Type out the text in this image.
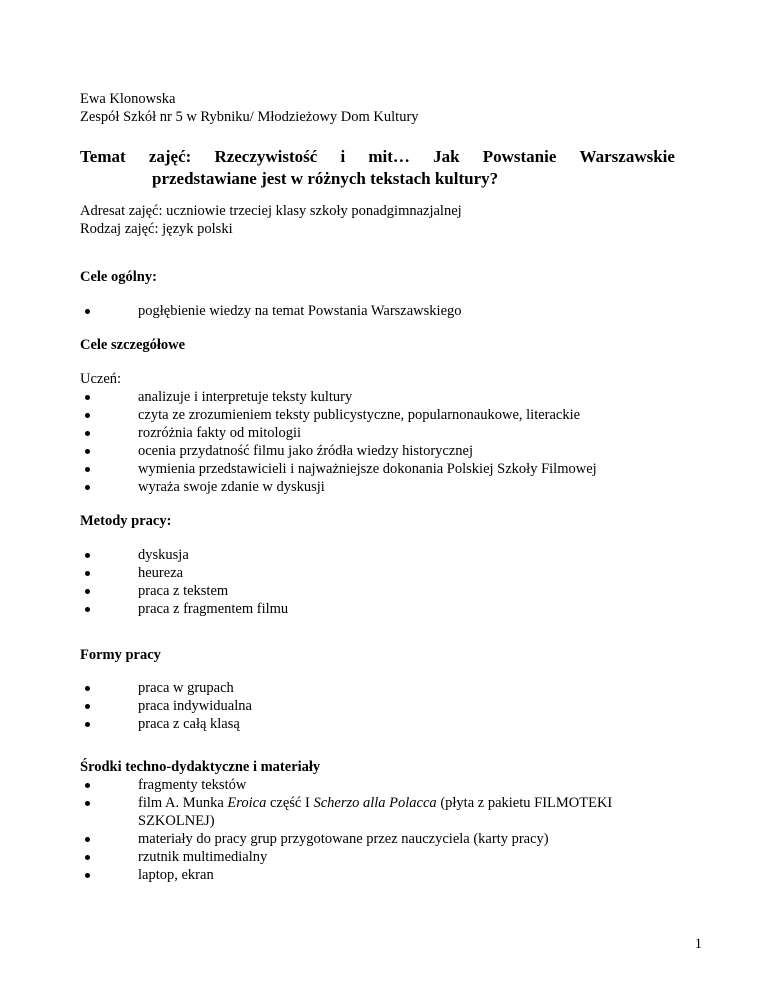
Ewa Klonowska
Zespół Szkół nr 5 w Rybniku/ Młodzieżowy Dom Kultury
Temat zajęć: Rzeczywistość i mit… Jak Powstanie Warszawskie
przedstawiane jest w różnych tekstach kultury?
Adresat zajęć: uczniowie trzeciej klasy szkoły ponadgimnazjalnej
Rodzaj zajęć: język polski
Cele ogólny:
pogłębienie wiedzy na temat Powstania Warszawskiego
Cele szczegółowe
Uczeń:
analizuje i interpretuje teksty kultury
czyta ze zrozumieniem teksty publicystyczne, popularnonaukowe, literackie
rozróżnia fakty od mitologii
ocenia przydatność filmu jako źródła wiedzy historycznej
wymienia przedstawicieli i najważniejsze dokonania Polskiej Szkoły Filmowej
wyraża swoje zdanie w dyskusji
Metody pracy:
dyskusja
heureza
praca z tekstem
praca z fragmentem filmu
Formy pracy
praca w grupach
praca indywidualna
praca z całą klasą
Środki techno-dydaktyczne i materiały
fragmenty tekstów
film A. Munka Eroica część I Scherzo alla Polacca (płyta z pakietu FILMOTEKI
SZKOLNEJ)
materiały do pracy grup przygotowane przez nauczyciela (karty pracy)
rzutnik multimedialny
laptop, ekran
1
